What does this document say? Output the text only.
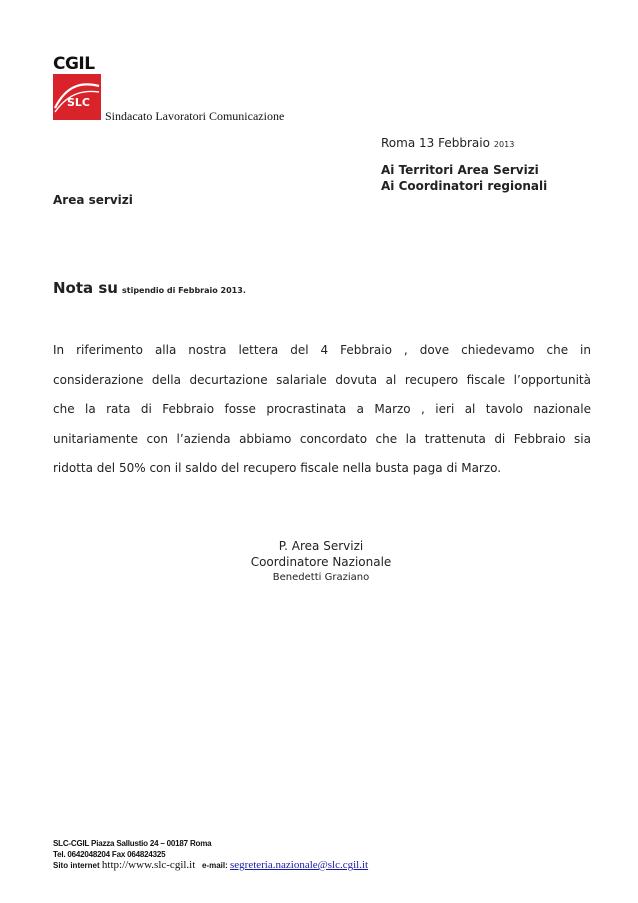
CGIL
SLC
Sindacato Lavoratori Comunicazione
Roma 13 Febbraio 2013
Ai Territori Area Servizi
Ai Coordinatori regionali
Area servizi
Nota su stipendio di Febbraio 2013.
In riferimento alla nostra lettera del 4 Febbraio , dove chiedevamo che in
considerazione della decurtazione salariale dovuta al recupero fiscale l’opportunità
che la rata di Febbraio fosse procrastinata a Marzo , ieri al tavolo nazionale
unitariamente con l’azienda abbiamo concordato che la trattenuta di Febbraio sia
ridotta del 50% con il saldo del recupero fiscale nella busta paga di Marzo.
P. Area Servizi
Coordinatore Nazionale
Benedetti Graziano
SLC-CGIL Piazza Sallustio 24 – 00187 Roma
Tel. 0642048204 Fax 064824325
Sito internet http://www.slc-cgil.it e-mail: segreteria.nazionale@slc.cgil.it
